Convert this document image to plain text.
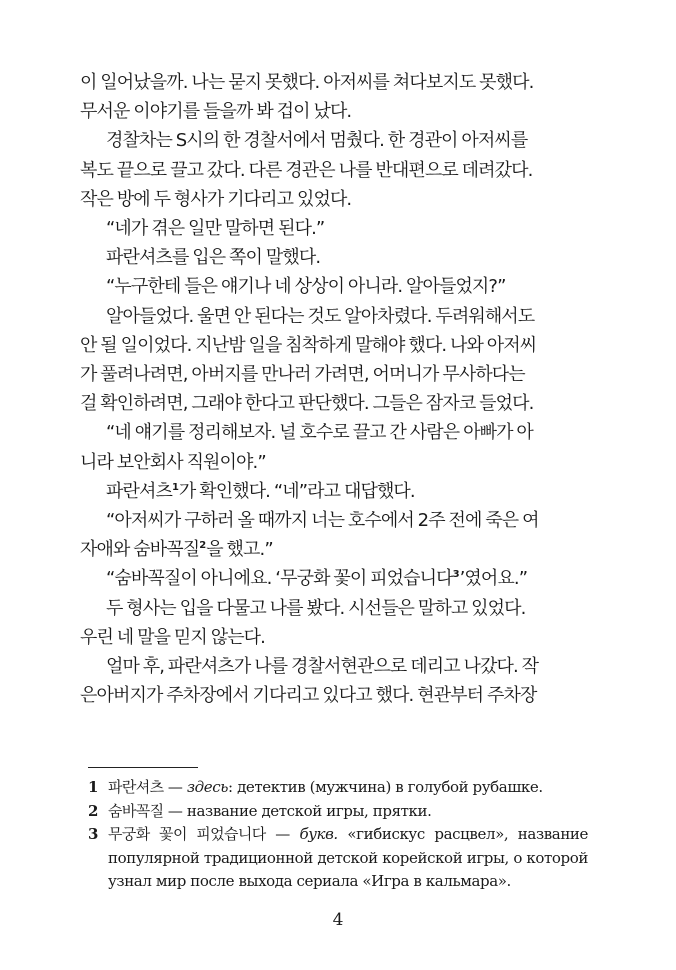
이 일어났을까. 나는 묻지 못했다. 아저씨를 쳐다보지도 못했다.

무서운 이야기를 들을까 봐 겁이 났다.

경찰차는 S시의 한 경찰서에서 멈췄다. 한 경관이 아저씨를

복도 끝으로 끌고 갔다. 다른 경관은 나를 반대편으로 데려갔다.

작은 방에 두 형사가 기다리고 있었다.

“네가 겪은 일만 말하면 된다.”

파란셔츠를 입은 쪽이 말했다.

“누구한테 들은 얘기나 네 상상이 아니라. 알아들었지?”

알아들었다. 울면 안 된다는 것도 알아차렸다. 두려워해서도

안 될 일이었다. 지난밤 일을 침착하게 말해야 했다. 나와 아저씨

가 풀려나려면, 아버지를 만나러 가려면, 어머니가 무사하다는

걸 확인하려면, 그래야 한다고 판단했다. 그들은 잠자코 들었다.

“네 얘기를 정리해보자. 널 호수로 끌고 간 사람은 아빠가 아

니라 보안회사 직원이야.”

파란셔츠$^1$가 확인했다. “네”라고 대답했다.

“아저씨가 구하러 올 때까지 너는 호수에서 2주 전에 죽은 여

자애와 숨바꼭질$^2$을 했고.”

“숨바꼭질이 아니에요. ‘무궁화 꽃이 피었습니다$^3$’였어요.”

두 형사는 입을 다물고 나를 봤다. 시선들은 말하고 있었다.

우린 네 말을 믿지 않는다.

얼마 후, 파란셔츠가 나를 경찰서현관으로 데리고 나갔다. 작

은아버지가 주차장에서 기다리고 있다고 했다. 현관부터 주차장

1 파란셔츠 — здесь: детектив (мужчина) в голубой рубашке.

2 숨바꼭질 — название детской игры, прятки.

3 무궁화 꽃이 피었습니다 — букв. «гибискус расцвел», название популярной традиционной детской корейской игры, о которой узнал мир после выхода сериала «Игра в кальмара».

4
